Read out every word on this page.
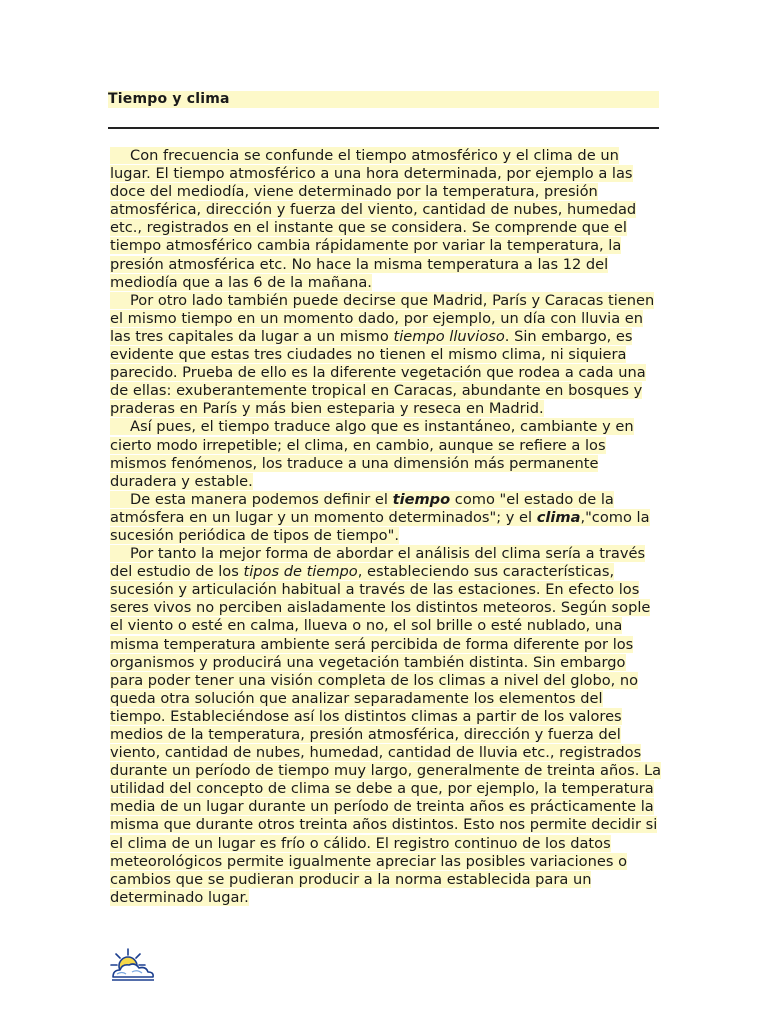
Tiempo y clima

Con frecuencia se confunde el tiempo atmosférico y el clima de un lugar. El tiempo atmosférico a una hora determinada, por ejemplo a las doce del mediodía, viene determinado por la temperatura, presión atmosférica, dirección y fuerza del viento, cantidad de nubes, humedad etc., registrados en el instante que se considera. Se comprende que el tiempo atmosférico cambia rápidamente por variar la temperatura, la presión atmosférica etc. No hace la misma temperatura a las 12 del mediodía que a las 6 de la mañana.

Por otro lado también puede decirse que Madrid, París y Caracas tienen el mismo tiempo en un momento dado, por ejemplo, un día con lluvia en las tres capitales da lugar a un mismo tiempo lluvioso. Sin embargo, es evidente que estas tres ciudades no tienen el mismo clima, ni siquiera parecido. Prueba de ello es la diferente vegetación que rodea a cada una de ellas: exuberantemente tropical en Caracas, abundante en bosques y praderas en París y más bien esteparia y reseca en Madrid.

Así pues, el tiempo traduce algo que es instantáneo, cambiante y en cierto modo irrepetible; el clima, en cambio, aunque se refiere a los mismos fenómenos, los traduce a una dimensión más permanente duradera y estable.

De esta manera podemos definir el tiempo como "el estado de la atmósfera en un lugar y un momento determinados"; y el clima,"como la sucesión periódica de tipos de tiempo".

Por tanto la mejor forma de abordar el análisis del clima sería a través del estudio de los tipos de tiempo, estableciendo sus características, sucesión y articulación habitual a través de las estaciones. En efecto los seres vivos no perciben aisladamente los distintos meteoros. Según sople el viento o esté en calma, llueva o no, el sol brille o esté nublado, una misma temperatura ambiente será percibida de forma diferente por los organismos y producirá una vegetación también distinta. Sin embargo para poder tener una visión completa de los climas a nivel del globo, no queda otra solución que analizar separadamente los elementos del tiempo. Estableciéndose así los distintos climas a partir de los valores medios de la temperatura, presión atmosférica, dirección y fuerza del viento, cantidad de nubes, humedad, cantidad de lluvia etc., registrados durante un período de tiempo muy largo, generalmente de treinta años. La utilidad del concepto de clima se debe a que, por ejemplo, la temperatura media de un lugar durante un período de treinta años es prácticamente la misma que durante otros treinta años distintos. Esto nos permite decidir si el clima de un lugar es frío o cálido. El registro continuo de los datos meteorológicos permite igualmente apreciar las posibles variaciones o cambios que se pudieran producir a la norma establecida para un determinado lugar.
